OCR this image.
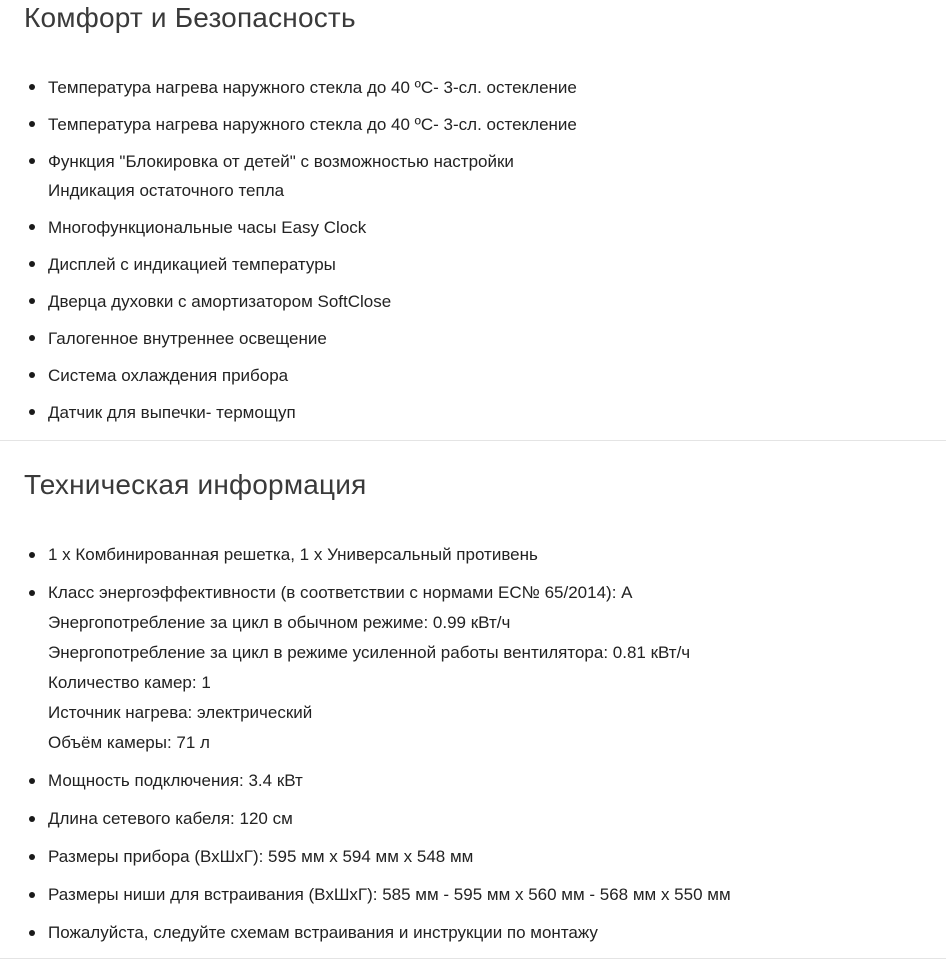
Комфорт и Безопасность
Температура нагрева наружного стекла до 40 ºC- 3-сл. остекление
Температура нагрева наружного стекла до 40 ºC- 3-сл. остекление
Функция "Блокировка от детей" с возможностью настройки
Индикация остаточного тепла
Многофункциональные часы Easy Clock
Дисплей с индикацией температуры
Дверца духовки с амортизатором SoftClose
Галогенное внутреннее освещение
Система охлаждения прибора
Датчик для выпечки- термощуп
Техническая информация
1 x Комбинированная решетка, 1 x Универсальный противень
Класс энергоэффективности (в соответствии с нормами EC№ 65/2014): A
Энергопотребление за цикл в обычном режиме: 0.99 кВт/ч
Энергопотребление за цикл в режиме усиленной работы вентилятора: 0.81 кВт/ч
Количество камер: 1
Источник нагрева: электрический
Объём камеры: 71 л
Мощность подключения: 3.4 кВт
Длина сетевого кабеля: 120 см
Размеры прибора (ВхШхГ): 595 мм x 594 мм x 548 мм
Размеры ниши для встраивания (ВхШхГ): 585 мм - 595 мм x 560 мм - 568 мм x 550 мм
Пожалуйста, следуйте схемам встраивания и инструкции по монтажу
